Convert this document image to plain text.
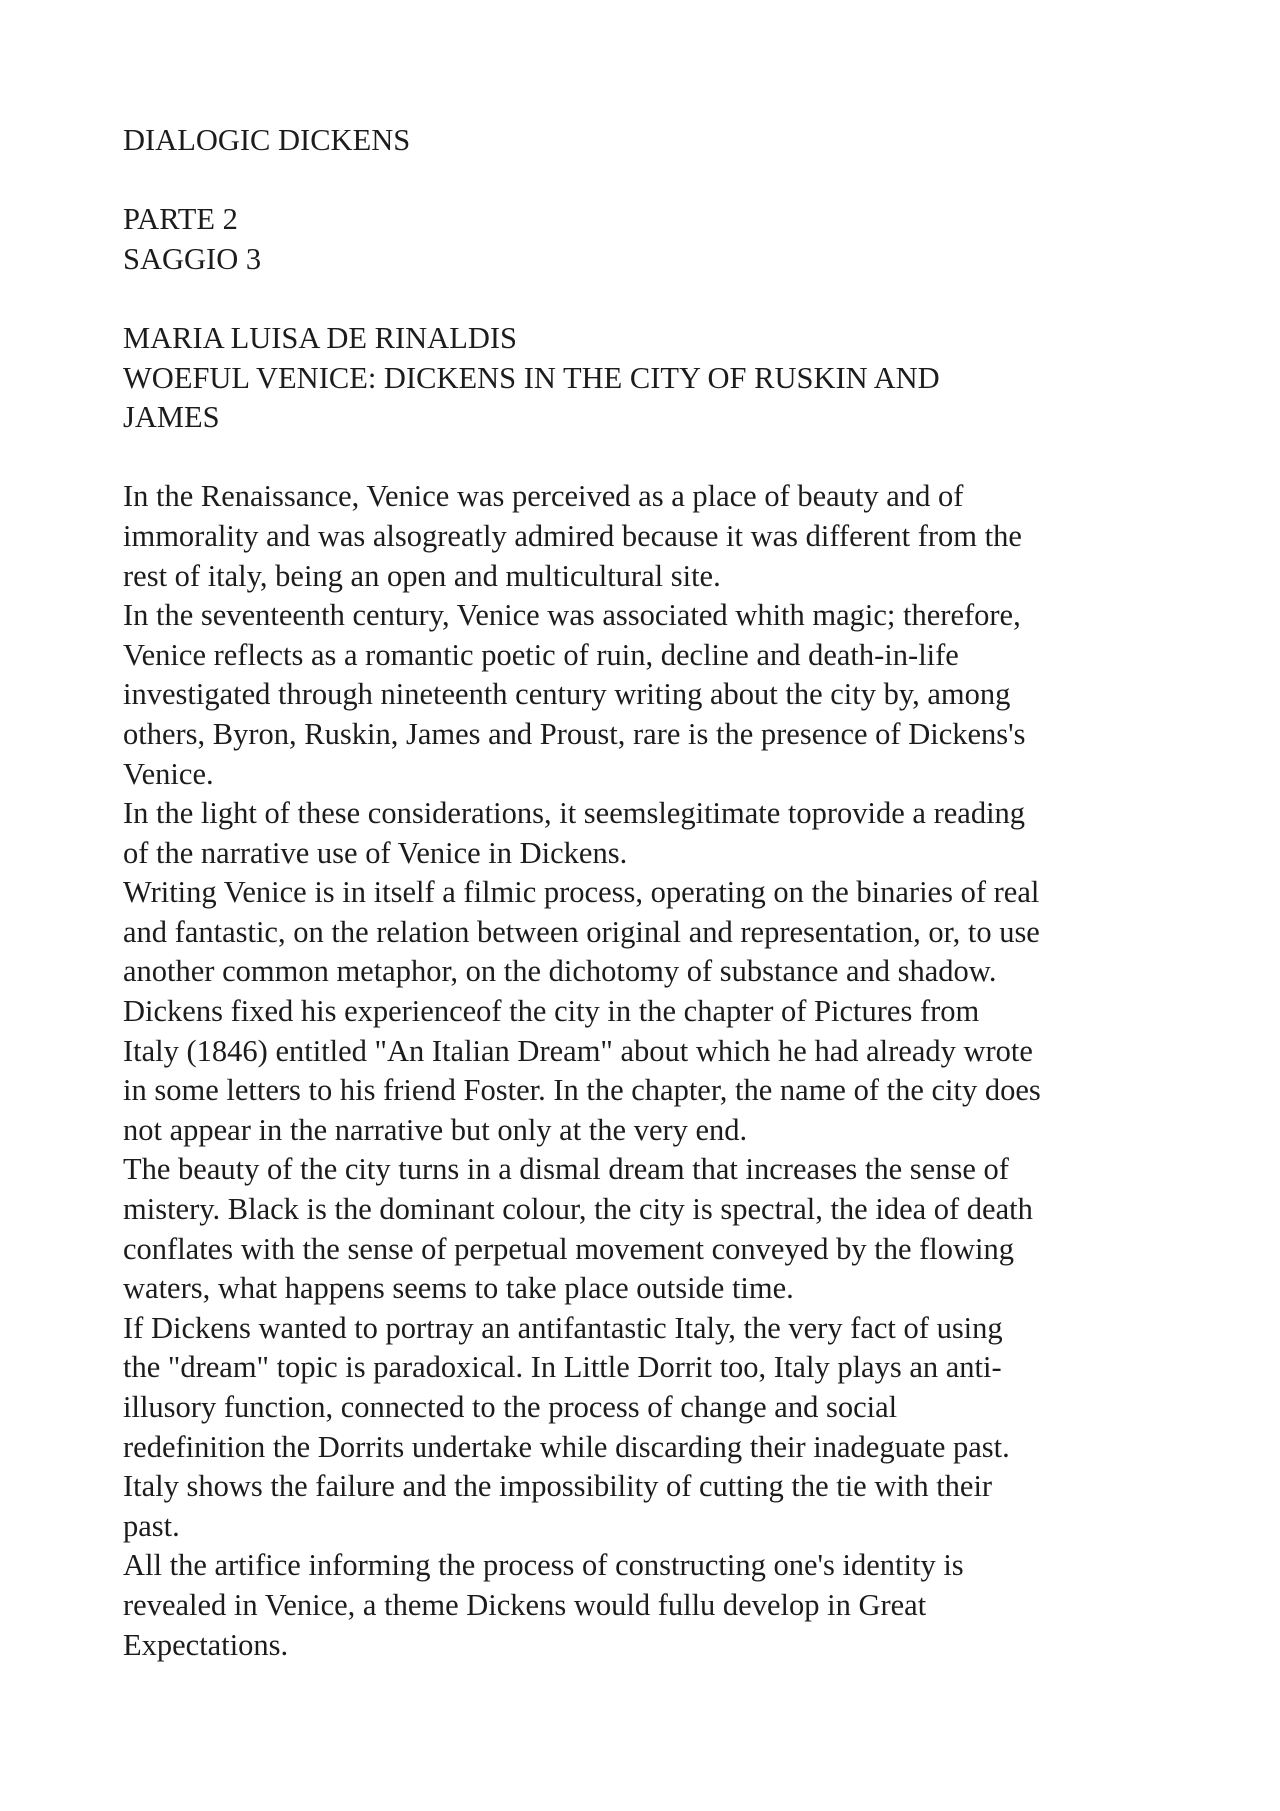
DIALOGIC DICKENS
PARTE 2
SAGGIO 3
MARIA LUISA DE RINALDIS
WOEFUL VENICE: DICKENS IN THE CITY OF RUSKIN AND
JAMES
In the Renaissance, Venice was perceived as a place of beauty and of
immorality and was alsogreatly admired because it was different from the
rest of italy, being an open and multicultural site.
In the seventeenth century, Venice was associated whith magic; therefore,
Venice reflects as a romantic poetic of ruin, decline and death-in-life
investigated through nineteenth century writing about the city by, among
others, Byron, Ruskin, James and Proust, rare is the presence of Dickens's
Venice.
In the light of these considerations, it seemslegitimate toprovide a reading
of the narrative use of Venice in Dickens.
Writing Venice is in itself a filmic process, operating on the binaries of real
and fantastic, on the relation between original and representation, or, to use
another common metaphor, on the dichotomy of substance and shadow.
Dickens fixed his experienceof the city in the chapter of Pictures from
Italy (1846) entitled "An Italian Dream" about which he had already wrote
in some letters to his friend Foster. In the chapter, the name of the city does
not appear in the narrative but only at the very end.
The beauty of the city turns in a dismal dream that increases the sense of
mistery. Black is the dominant colour, the city is spectral, the idea of death
conflates with the sense of perpetual movement conveyed by the flowing
waters, what happens seems to take place outside time.
If Dickens wanted to portray an antifantastic Italy, the very fact of using
the "dream" topic is paradoxical. In Little Dorrit too, Italy plays an anti-
illusory function, connected to the process of change and social
redefinition the Dorrits undertake while discarding their inadeguate past.
Italy shows the failure and the impossibility of cutting the tie with their
past.
All the artifice informing the process of constructing one's identity is
revealed in Venice, a theme Dickens would fullu develop in Great
Expectations.
